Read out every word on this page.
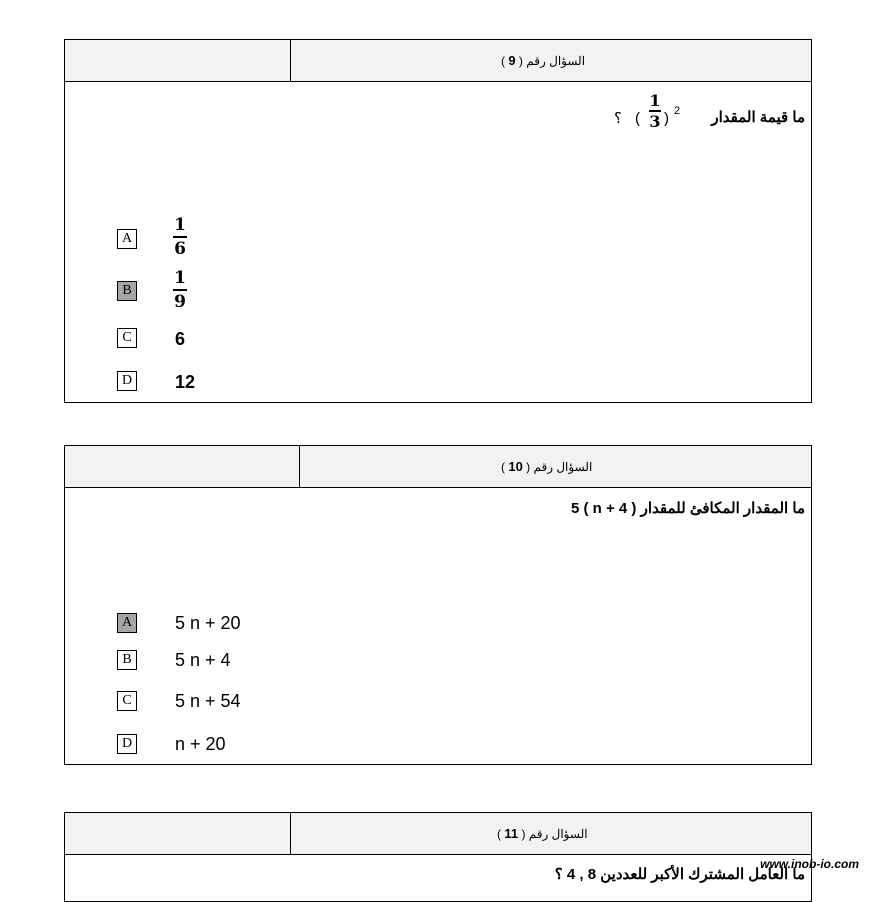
السؤال رقم ( 9 )
ما قيمة المقدار
2
)
1
3
(
؟
A
1
6
B
1
9
C 6
D 12
السؤال رقم ( 10 )
ما المقدار المكافئ للمقدار ( 4 + n ) 5
A 5 n + 20
B 5 n + 4
C 5 n + 54
D n + 20
السؤال رقم ( 11 )
ما العامل المشترك الأكبر للعددين 8 , 4 ؟
www.inob-io.com
